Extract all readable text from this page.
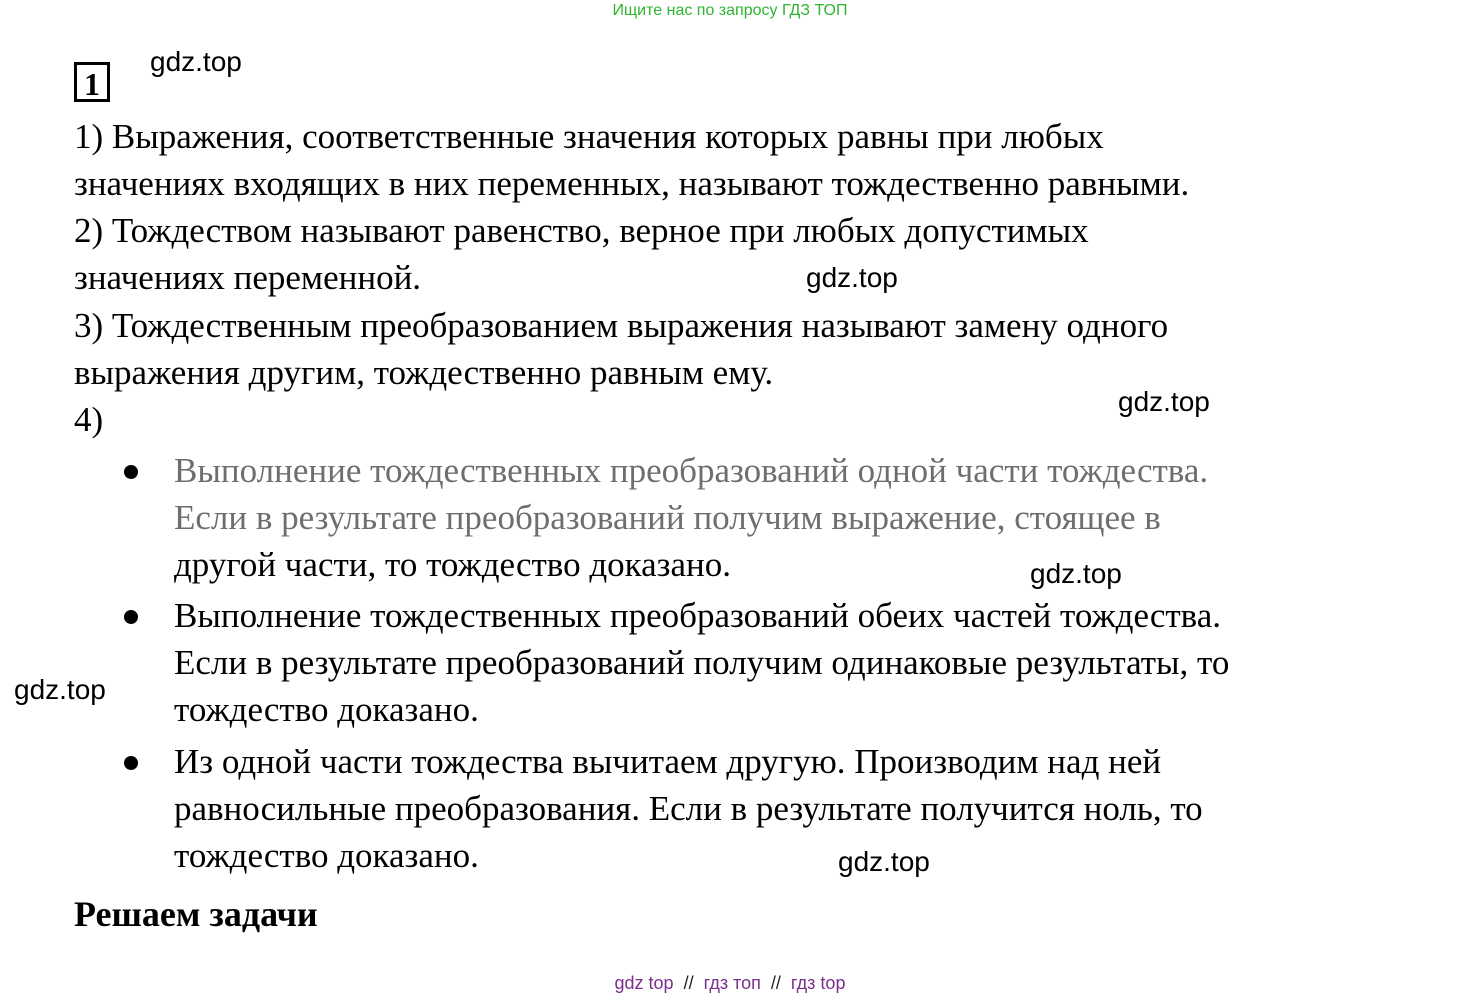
Ищите нас по запросу ГДЗ ТОП
1
gdz.top
1) Выражения, соответственные значения которых равны при любых
значениях входящих в них переменных, называют тождественно равными.
2) Тождеством называют равенство, верное при любых допустимых
значениях переменной.	gdz.top
3) Тождественным преобразованием выражения называют замену одного
выражения другим, тождественно равным ему.
4)	gdz.top
Выполнение тождественных преобразований одной части тождества.
Если в результате преобразований получим выражение, стоящее в
другой части, то тождество доказано.	gdz.top
Выполнение тождественных преобразований обеих частей тождества.
Если в результате преобразований получим одинаковые результаты, то
тождество доказано.
gdz.top
Из одной части тождества вычитаем другую. Производим над ней
равносильные преобразования. Если в результате получится ноль, то
тождество доказано.	gdz.top
Решаем задачи
gdz top // гдз топ // гдз top
